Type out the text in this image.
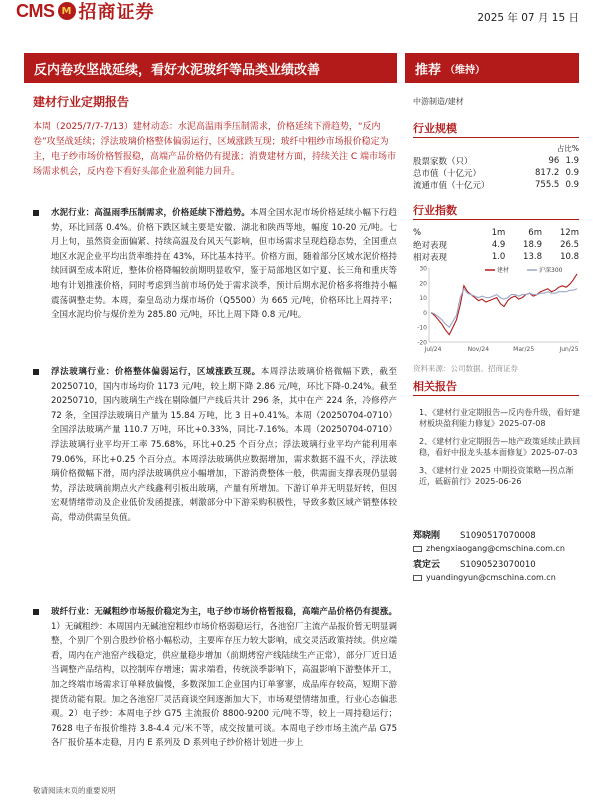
CMS M 招商证券	2025 年 07 月 15 日
反内卷攻坚战延续，看好水泥玻纤等品类业绩改善	推荐 （维持）
建材行业定期报告
本周（2025/7/7-7/13）建材动态：水泥高温雨季压制需求，价格延续下滑趋势，“反内卷”攻坚战延续；浮法玻璃价格整体偏弱运行，区域涨跌互现；玻纤中粗纱市场报价稳定为主，电子纱市场价格暂报稳，高端产品价格仍有提涨；消费建材方面，持续关注 C 端市场市场需求机会，反内卷下看好头部企业盈利能力回升。
水泥行业：高温雨季压制需求，价格延续下滑趋势。本周全国水泥市场价格延续小幅下行趋势，环比回落 0.4%。价格下跌区域主要是安徽、湖北和陕西等地，幅度 10-20 元/吨。七月上旬，虽然资金面偏紧、持续高温及台风天气影响，但市场需求呈现趋稳态势，全国重点地区水泥企业平均出货率维持在 43%，环比基本持平。价格方面，随着部分区域水泥价格持续回调至成本附近，整体价格降幅较前期明显收窄，鉴于局部地区如宁夏、长三角和重庆等地有计划推涨价格，同时考虑到当前市场仍处于需求淡季，预计后期水泥价格多将维持小幅震荡调整走势。本周，秦皇岛动力煤市场价（Q5500）为 665 元/吨，价格环比上周持平；全国水泥均价与煤价差为 285.80 元/吨，环比上周下降 0.8 元/吨。
浮法玻璃行业：价格整体偏弱运行，区域涨跌互现。本周浮法玻璃价格微幅下跌，截至 20250710，国内市场均价 1173 元/吨，较上期下降 2.86 元/吨，环比下降-0.24%。截至 20250710，国内玻璃生产线在剔除僵尸产线后共计 296 条，其中在产 224 条，冷修停产 72 条，全国浮法玻璃日产量为 15.84 万吨，比 3 日+0.41%。本周（20250704-0710）全国浮法玻璃产量 110.7 万吨，环比+0.33%，同比-7.16%。本周（20250704-0710）浮法玻璃行业平均开工率 75.68%，环比+0.25 个百分点；浮法玻璃行业平均产能利用率 79.06%，环比+0.25 个百分点。本周浮法玻璃供应数据增加，需求数据不温不火，浮法玻璃价格微幅下滑，周内浮法玻璃供应小幅增加，下游消费整体一般，供需面支撑表现仍显弱势，浮法玻璃前期点火产线鑫利引板出玻璃，产量有所增加。下游订单并无明显好转，但因宏观情绪带动及企业低价发函提涨，刺激部分中下游采购积极性，导致多数区域产销整体较高，带动供需呈负值。
玻纤行业：无碱粗纱市场报价稳定为主，电子纱市场价格暂报稳，高端产品价格仍有提涨。1）无碱粗纱：本周国内无碱池窑粗纱市场价格弱稳运行，各池窑厂主流产品报价暂无明显调整，个别厂个别合股纱价格小幅松动，主要库存压力较大影响，成交灵活政策持续。供应端看，周内在产池窑产线稳定，供应量稳步增加（前期烤窑产线陆续生产正常），部分厂近日适当调整产品结构，以控制库存增速；需求端看，传统淡季影响下，高温影响下游整体开工，加之终端市场需求订单释放偏慢，多数深加工企业国内订单寥寥，成品库存较高，短期下游提货动能有限。加之各池窑厂灵活商谈空间逐渐加大下，市场观望情绪加重，行业心态偏悲观。2）电子纱：本周电子纱 G75 主流报价 8800-9200 元/吨不等，较上一周持稳运行；7628 电子布报价维持 3.8-4.4 元/米不等，成交按量可谈。本周电子纱市场主流产品 G75 各厂报价基本走稳，月内 E 系列及 D 系列电子纱价格计划进一步上
中游制造/建材
行业规模
占比%
股票家数（只）	96	1.9
总市值（十亿元）	817.2	0.9
流通市值（十亿元）	755.5	0.9
行业指数
%	1m	6m	12m
绝对表现	4.9	18.9	26.5
相对表现	1.0	13.8	10.8
30
20
10
0
-10
-20
Jul/24	Nov/24	Mar/25	Jun/25
建材	沪深300
资料来源：公司数据、招商证券
相关报告
1、《建材行业定期报告—反内卷升级，看好建材板块盈利能力修复》2025-07-08
2、《建材行业定期报告—地产政策延续止跌回稳，看好中报龙头基本面修复》2025-07-03
3、《建材行业 2025 中期投资策略—拐点渐近，砥砺前行》2025-06-26
郑晓刚 S1090517070008
zhengxiaogang@cmschina.com.cn
袁定云 S1090523070010
yuandingyun@cmschina.com.cn
敬请阅读末页的重要说明
